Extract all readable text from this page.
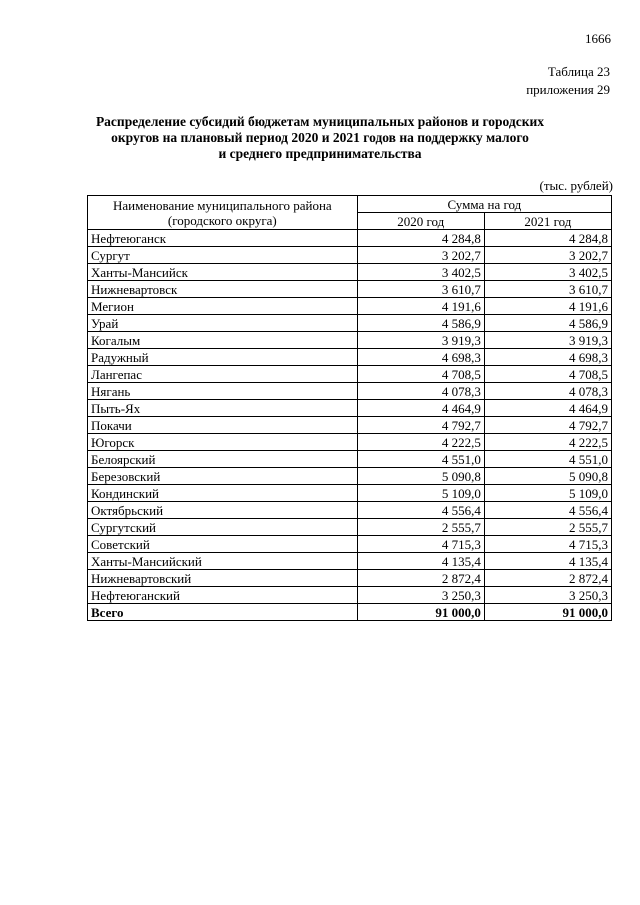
1666
Таблица 23
приложения 29
Распределение субсидий бюджетам муниципальных районов и городских
округов на плановый период 2020 и 2021 годов на поддержку малого
и среднего предпринимательства
(тыс. рублей)
Наименование муниципального района
(городского округа)	Сумма на год	
	2020 год	2021 год
Нефтеюганск	4 284,8	4 284,8
Сургут	3 202,7	3 202,7
Ханты-Мансийск	3 402,5	3 402,5
Нижневартовск	3 610,7	3 610,7
Мегион	4 191,6	4 191,6
Урай	4 586,9	4 586,9
Когалым	3 919,3	3 919,3
Радужный	4 698,3	4 698,3
Лангепас	4 708,5	4 708,5
Нягань	4 078,3	4 078,3
Пыть-Ях	4 464,9	4 464,9
Покачи	4 792,7	4 792,7
Югорск	4 222,5	4 222,5
Белоярский	4 551,0	4 551,0
Березовский	5 090,8	5 090,8
Кондинский	5 109,0	5 109,0
Октябрьский	4 556,4	4 556,4
Сургутский	2 555,7	2 555,7
Советский	4 715,3	4 715,3
Ханты-Мансийский	4 135,4	4 135,4
Нижневартовский	2 872,4	2 872,4
Нефтеюганский	3 250,3	3 250,3
Всего	91 000,0	91 000,0
